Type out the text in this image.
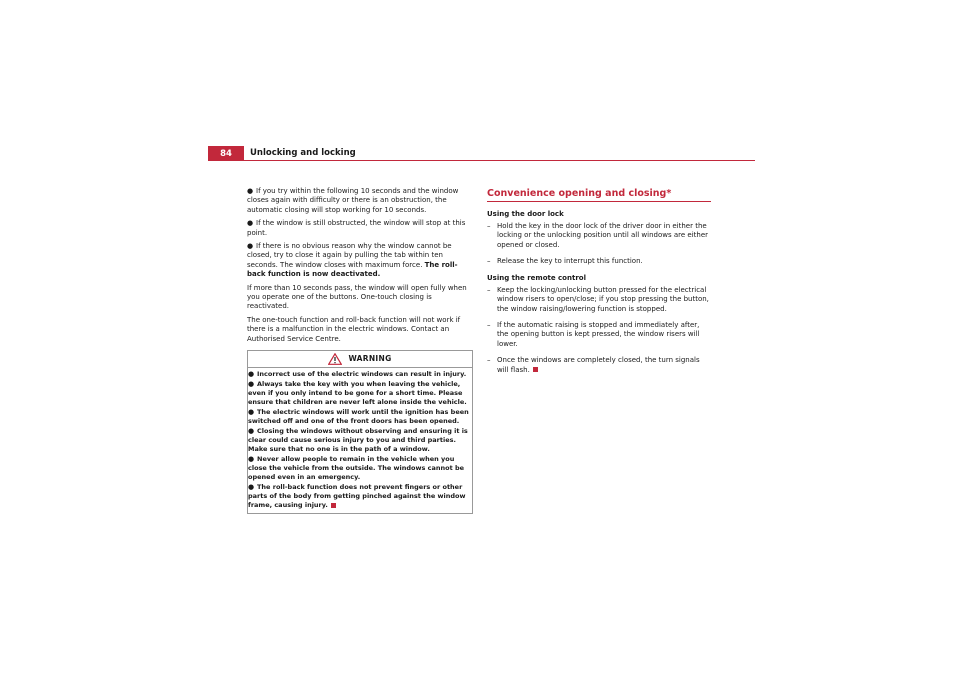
84	Unlocking and locking

● If you try within the following 10 seconds and the window closes again with difficulty or there is an obstruction, the automatic closing will stop working for 10 seconds.

● If the window is still obstructed, the window will stop at this point.

● If there is no obvious reason why the window cannot be closed, try to close it again by pulling the tab within ten seconds. The window closes with maximum force. The roll-back function is now deactivated.

If more than 10 seconds pass, the window will open fully when you operate one of the buttons. One-touch closing is reactivated.

The one-touch function and roll-back function will not work if there is a malfunction in the electric windows. Contact an Authorised Service Centre.

WARNING

● Incorrect use of the electric windows can result in injury.

● Always take the key with you when leaving the vehicle, even if you only intend to be gone for a short time. Please ensure that children are never left alone inside the vehicle.

● The electric windows will work until the ignition has been switched off and one of the front doors has been opened.

● Closing the windows without observing and ensuring it is clear could cause serious injury to you and third parties. Make sure that no one is in the path of a window.

● Never allow people to remain in the vehicle when you close the vehicle from the outside. The windows cannot be opened even in an emergency.

● The roll-back function does not prevent fingers or other parts of the body from getting pinched against the window frame, causing injury.

Convenience opening and closing*
Using the door lock
– Hold the key in the door lock of the driver door in either the locking or the unlocking position until all windows are either opened or closed.
– Release the key to interrupt this function.
Using the remote control
– Keep the locking/unlocking button pressed for the electrical window risers to open/close; if you stop pressing the button, the window raising/lowering function is stopped.
– If the automatic raising is stopped and immediately after, the opening button is kept pressed, the window risers will lower.
– Once the windows are completely closed, the turn signals will flash.
